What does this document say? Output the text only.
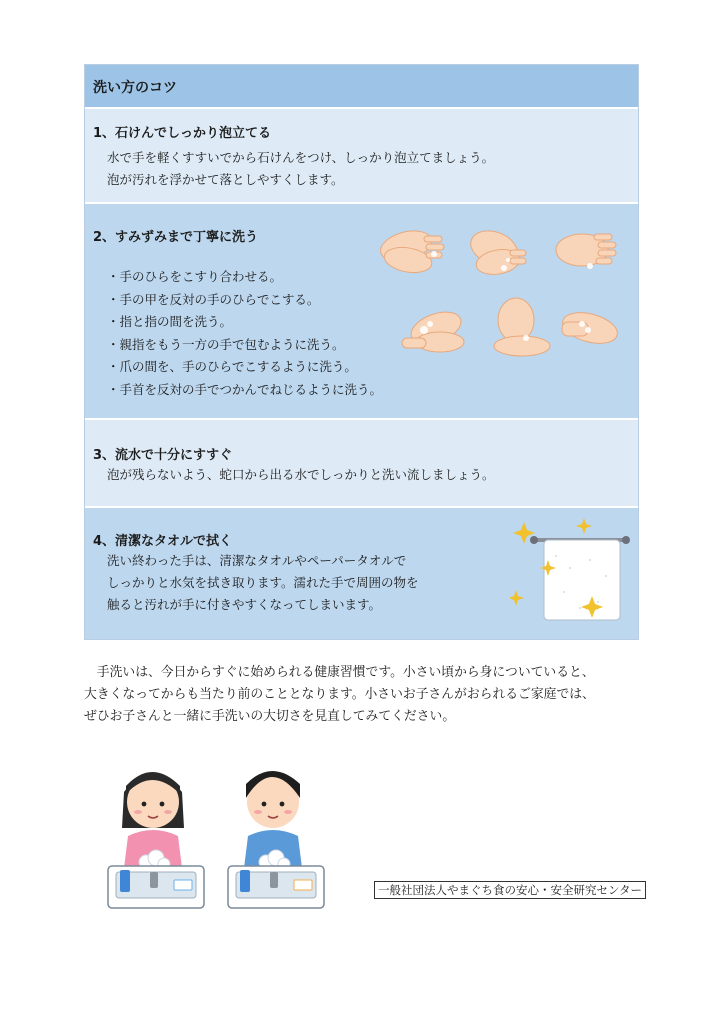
洗い方のコツ
1、石けんでしっかり泡立てる
水で手を軽くすすいでから石けんをつけ、しっかり泡立てましょう。
泡が汚れを浮かせて落としやすくします。
2、すみずみまで丁寧に洗う
・ 手のひらをこすり合わせる。
・ 手の甲を反対の手のひらでこする。
・ 指と指の間を洗う。
・ 親指をもう一方の手で包むように洗う。
・ 爪の間を、手のひらでこするように洗う。
・ 手首を反対の手でつかんでねじるように洗う。
3、流水で十分にすすぐ
泡が残らないよう、蛇口から出る水でしっかりと洗い流しましょう。
4、清潔なタオルで拭く
洗い終わった手は、清潔なタオルやペーパータオルで
しっかりと水気を拭き取ります。濡れた手で周囲の物を
触ると汚れが手に付きやすくなってしまいます。

手洗いは、今日からすぐに始められる健康習慣です。小さい頃から身についていると、

大きくなってからも当たり前のこととなります。小さいお子さんがおられるご家庭では、

ぜひお子さんと一緒に手洗いの大切さを見直してみてください。

一般社団法人やまぐち食の安心・安全研究センター
